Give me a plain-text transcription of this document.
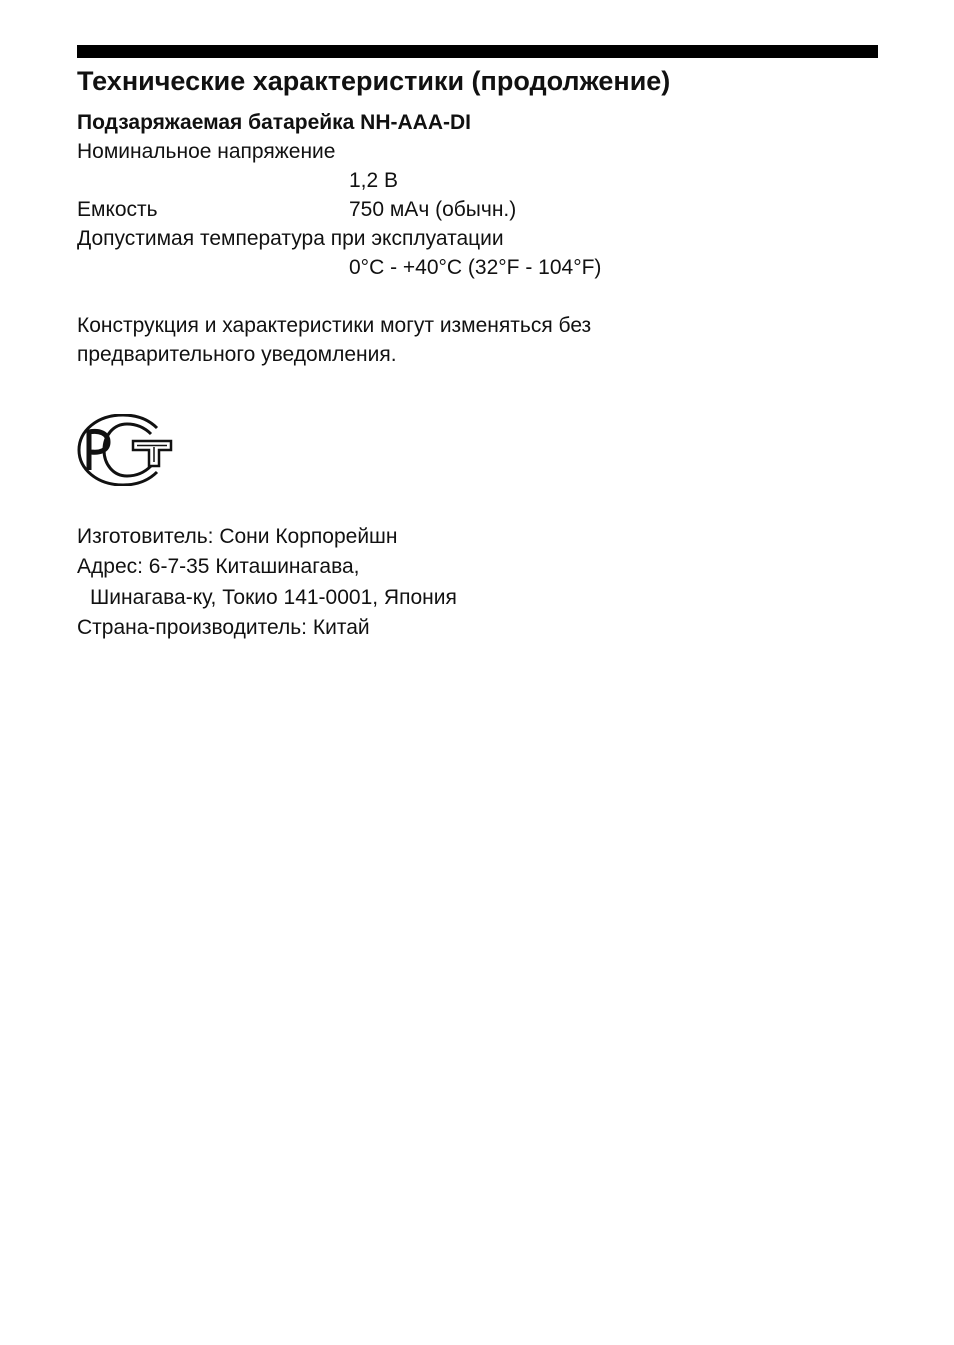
Технические характеристики (продолжение)
Подзаряжаемая батарейка NH-AAA-DI
Номинальное напряжение
1,2 В
Емкость	750 мАч (обычн.)
Допустимая температура при эксплуатации
0°C - +40°C (32°F - 104°F)
Конструкция и характеристики могут изменяться без
предварительного уведомления.
Изготовитель: Сони Корпорейшн
Адрес: 6-7-35 Киташинагава,
Шинагава-ку, Токио 141-0001, Япония
Страна-производитель: Китай
